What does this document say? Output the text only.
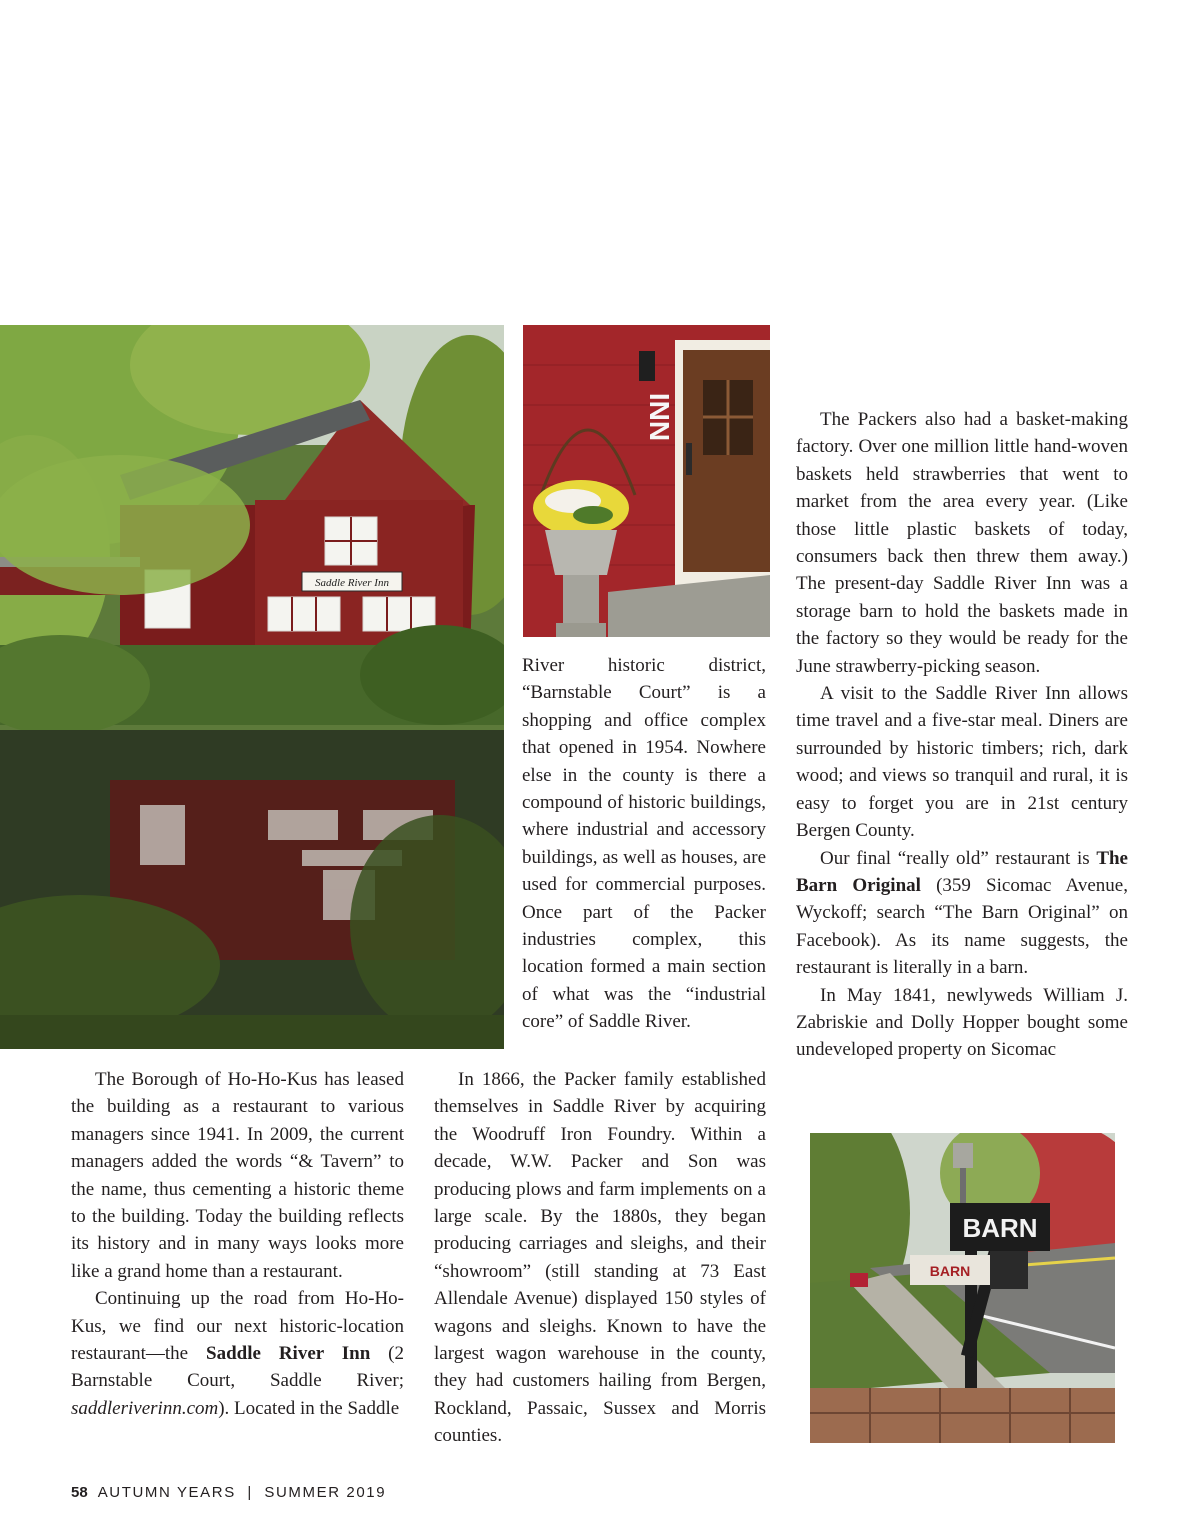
Saddle River Inn
INN
BARN
BARN

The Borough of Ho-Ho-Kus has leased the building as a restaurant to various managers since 1941. In 2009, the current managers added the words “& Tavern” to the name, thus cementing a historic theme to the building. Today the building reflects its history and in many ways looks more like a grand home than a restaurant.

Continuing up the road from Ho-Ho-Kus, we find our next historic-location restaurant—the Saddle River Inn (2 Barnstable Court, Saddle River; saddleriverinn.com). Located in the Saddle

River historic district, “Barnstable Court” is a shopping and office complex that opened in 1954. Nowhere else in the county is there a compound of historic buildings, where industrial and accessory buildings, as well as houses, are used for commercial purposes. Once part of the Packer industries complex, this location formed a main section of what was the “industrial core” of Saddle River.

In 1866, the Packer family established themselves in Saddle River by acquiring the Woodruff Iron Foundry. Within a decade, W.W. Packer and Son was producing plows and farm implements on a large scale. By the 1880s, they began producing carriages and sleighs, and their “showroom” (still standing at 73 East Allendale Avenue) displayed 150 styles of wagons and sleighs. Known to have the largest wagon warehouse in the county, they had customers hailing from Bergen, Rockland, Passaic, Sussex and Morris counties.

The Packers also had a basket-making factory. Over one million little hand-woven baskets held strawberries that went to market from the area every year. (Like those little plastic baskets of today, consumers back then threw them away.) The present-day Saddle River Inn was a storage barn to hold the baskets made in the factory so they would be ready for the June strawberry-picking season.

A visit to the Saddle River Inn allows time travel and a five-star meal. Diners are surrounded by historic timbers; rich, dark wood; and views so tranquil and rural, it is easy to forget you are in 21st century Bergen County.

Our final “really old” restaurant is The Barn Original (359 Sicomac Avenue, Wyckoff; search “The Barn Original” on Facebook). As its name suggests, the restaurant is literally in a barn.

In May 1841, newlyweds William J. Zabriskie and Dolly Hopper bought some undeveloped property on Sicomac

58 AUTUMN YEARS  |  SUMMER 2019
